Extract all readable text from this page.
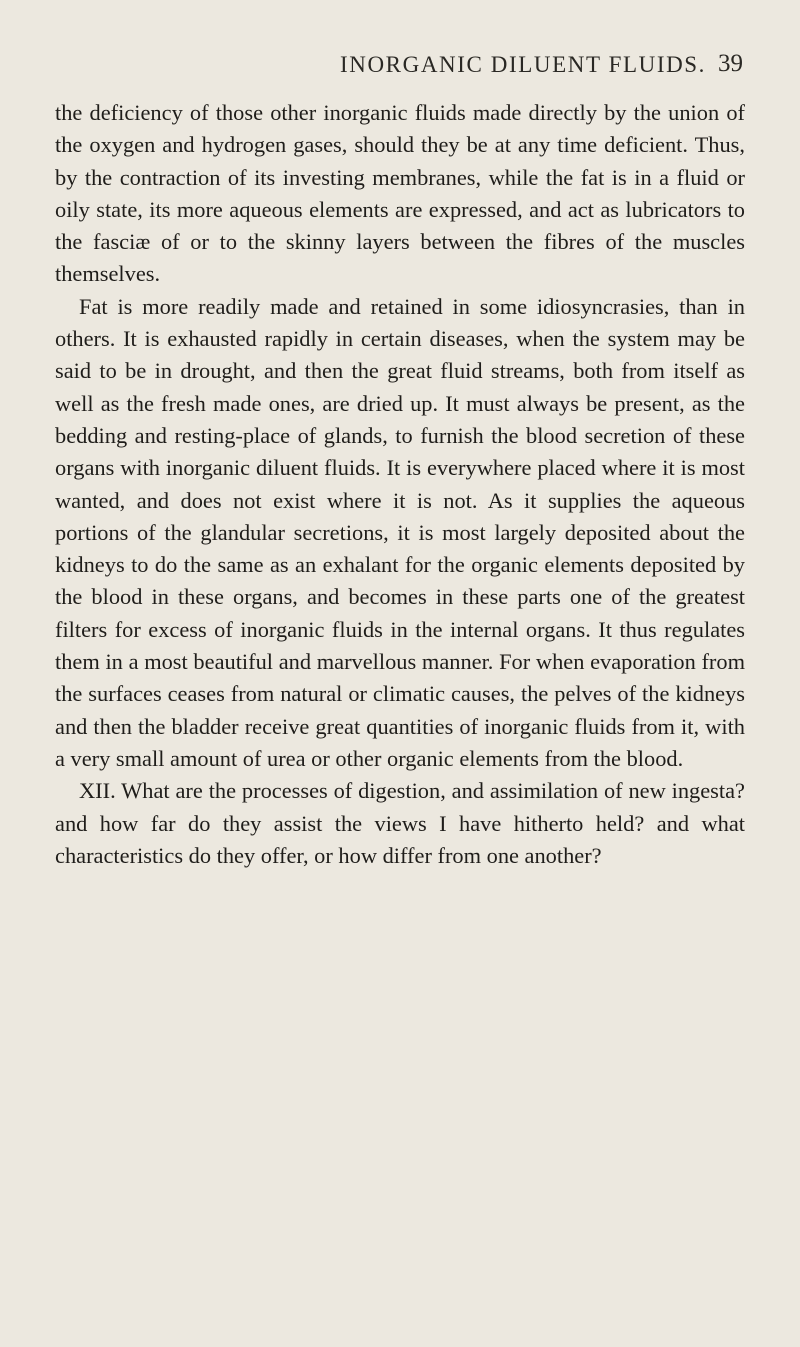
INORGANIC DILUENT FLUIDS. 39

the deficiency of those other inorganic fluids made directly by the union of the oxygen and hydrogen gases, should they be at any time deficient. Thus, by the contraction of its investing membranes, while the fat is in a fluid or oily state, its more aqueous elements are expressed, and act as lubricators to the fasciæ of or to the skinny layers between the fibres of the muscles themselves.

Fat is more readily made and retained in some idiosyncrasies, than in others. It is exhausted rapidly in certain diseases, when the system may be said to be in drought, and then the great fluid streams, both from itself as well as the fresh made ones, are dried up. It must always be present, as the bedding and resting-place of glands, to furnish the blood secretion of these organs with inorganic diluent fluids. It is everywhere placed where it is most wanted, and does not exist where it is not. As it supplies the aqueous portions of the glandular secretions, it is most largely deposited about the kidneys to do the same as an exhalant for the organic elements deposited by the blood in these organs, and becomes in these parts one of the greatest filters for excess of inorganic fluids in the internal organs. It thus regulates them in a most beautiful and marvellous manner. For when evaporation from the surfaces ceases from natural or climatic causes, the pelves of the kidneys and then the bladder receive great quantities of inorganic fluids from it, with a very small amount of urea or other organic elements from the blood.

XII. What are the processes of digestion, and assimilation of new ingesta? and how far do they assist the views I have hitherto held? and what characteristics do they offer, or how differ from one another?
